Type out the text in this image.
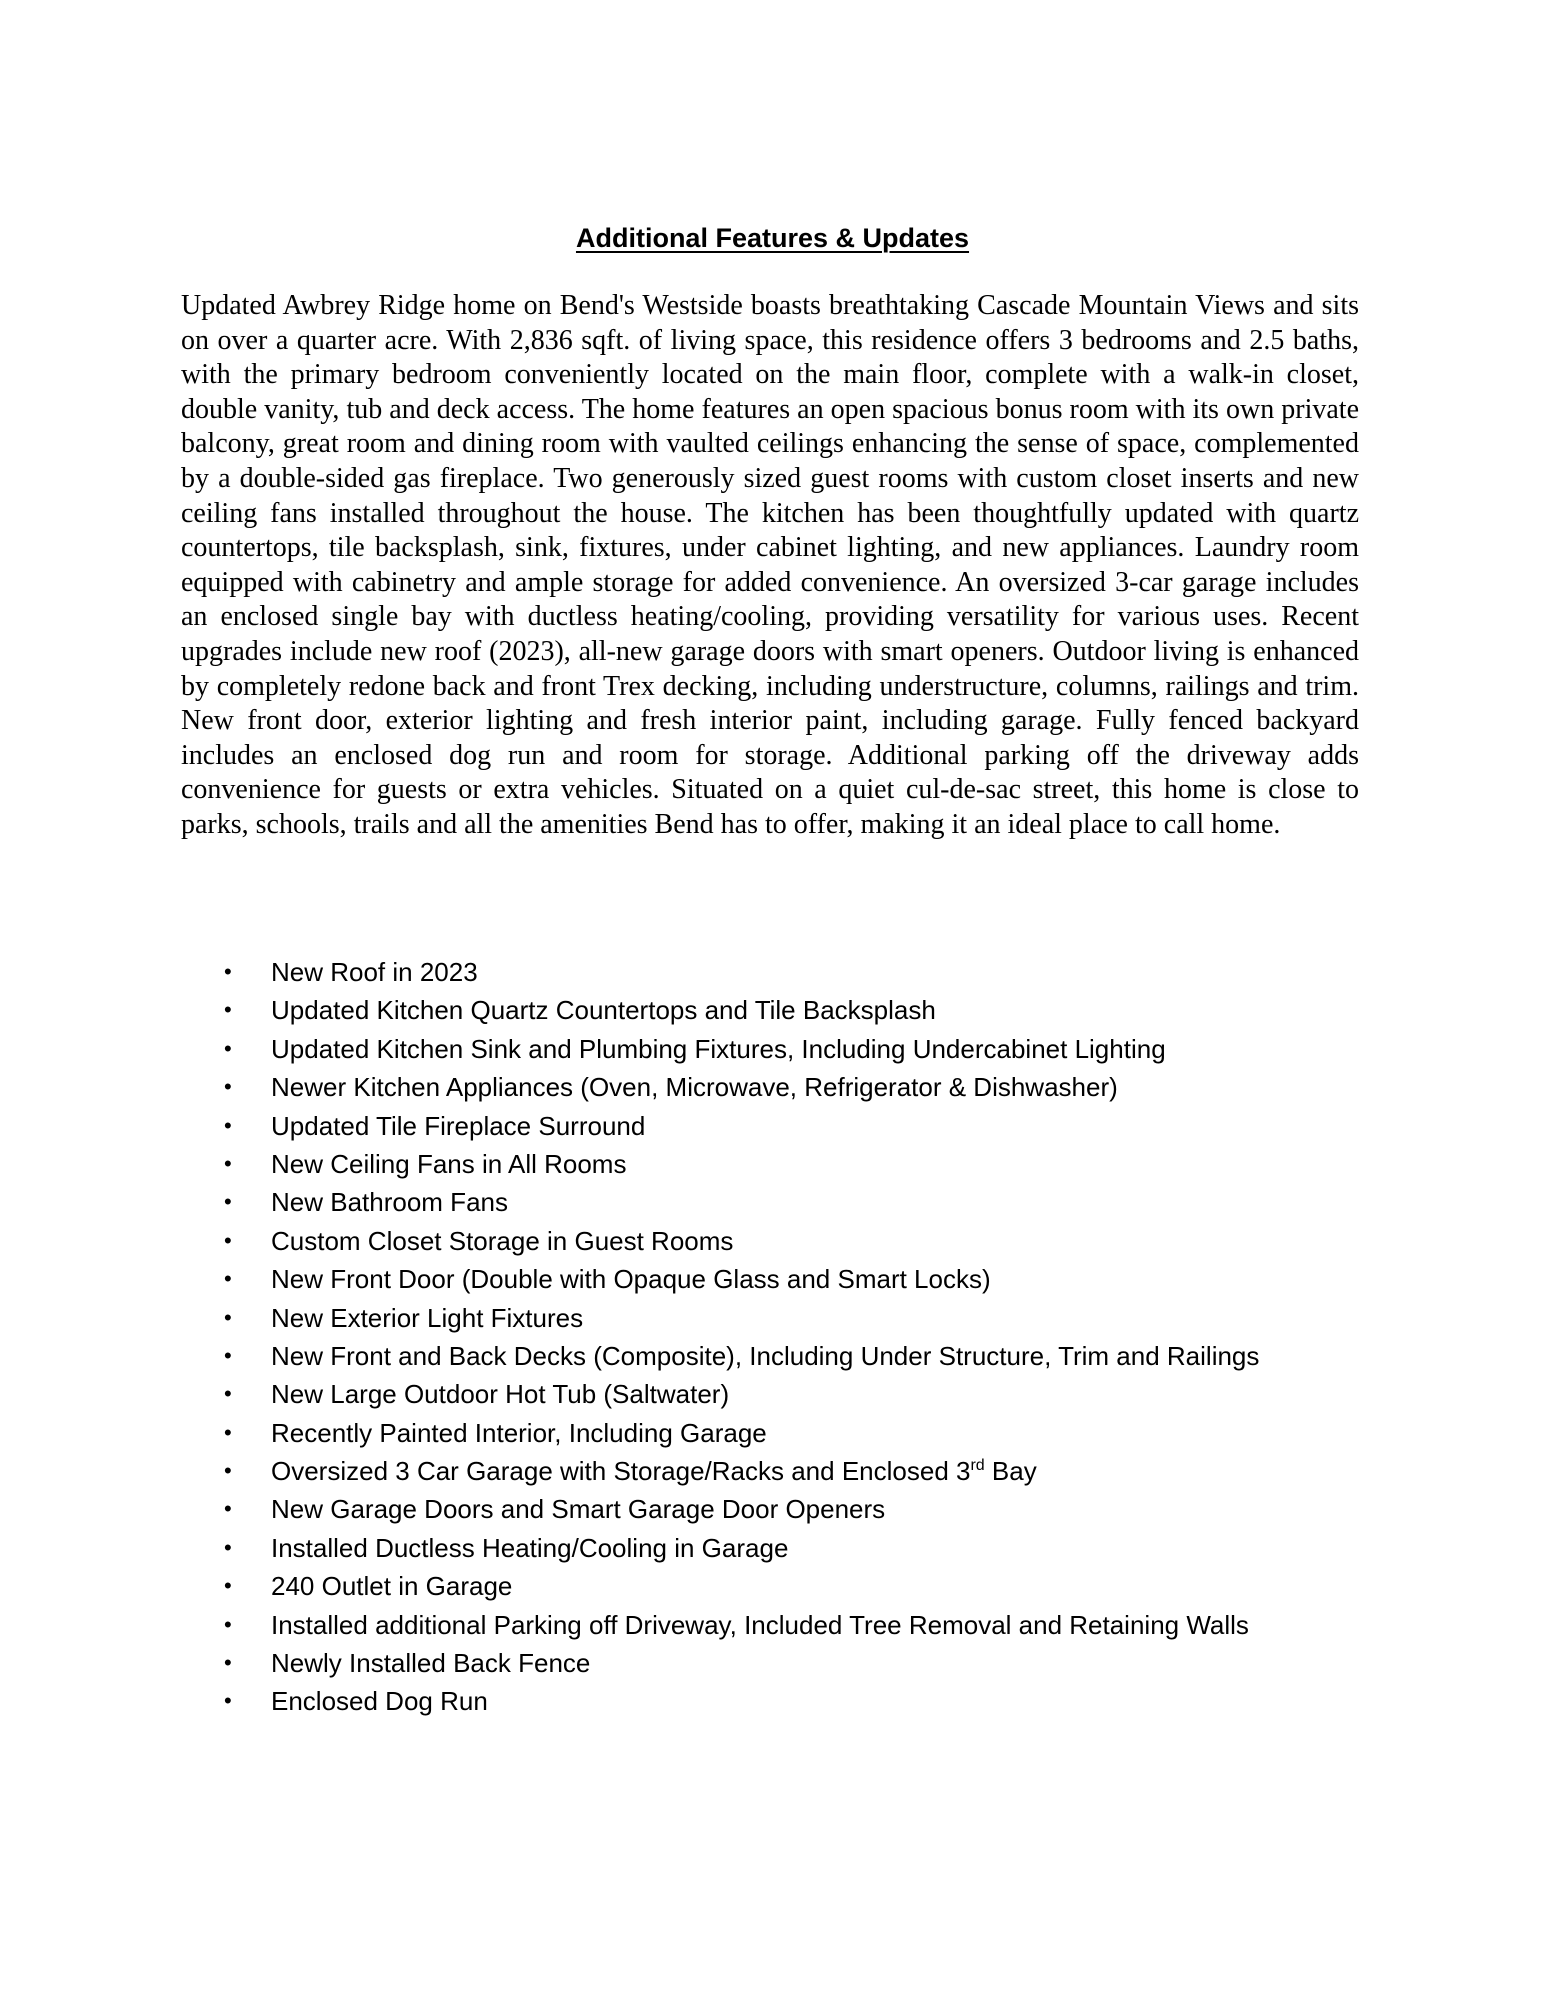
Additional Features & Updates

Updated Awbrey Ridge home on Bend's Westside boasts breathtaking Cascade Mountain Views and sits on over a quarter acre. With 2,836 sqft. of living space, this residence offers 3 bedrooms and 2.5 baths, with the primary bedroom conveniently located on the main floor, complete with a walk-in closet, double vanity, tub and deck access. The home features an open spacious bonus room with its own private balcony, great room and dining room with vaulted ceilings enhancing the sense of space, complemented by a double-sided gas fireplace. Two generously sized guest rooms with custom closet inserts and new ceiling fans installed throughout the house. The kitchen has been thoughtfully updated with quartz countertops, tile backsplash, sink, fixtures, under cabinet lighting, and new appliances. Laundry room equipped with cabinetry and ample storage for added convenience. An oversized 3-car garage includes an enclosed single bay with ductless heating/cooling, providing versatility for various uses. Recent upgrades include new roof (2023), all-new garage doors with smart openers. Outdoor living is enhanced by completely redone back and front Trex decking, including understructure, columns, railings and trim. New front door, exterior lighting and fresh interior paint, including garage. Fully fenced backyard includes an enclosed dog run and room for storage. Additional parking off the driveway adds convenience for guests or extra vehicles. Situated on a quiet cul-de-sac street, this home is close to parks, schools, trails and all the amenities Bend has to offer, making it an ideal place to call home.

• New Roof in 2023
• Updated Kitchen Quartz Countertops and Tile Backsplash
• Updated Kitchen Sink and Plumbing Fixtures, Including Undercabinet Lighting
• Newer Kitchen Appliances (Oven, Microwave, Refrigerator & Dishwasher)
• Updated Tile Fireplace Surround
• New Ceiling Fans in All Rooms
• New Bathroom Fans
• Custom Closet Storage in Guest Rooms
• New Front Door (Double with Opaque Glass and Smart Locks)
• New Exterior Light Fixtures
• New Front and Back Decks (Composite), Including Under Structure, Trim and Railings
• New Large Outdoor Hot Tub (Saltwater)
• Recently Painted Interior, Including Garage
• Oversized 3 Car Garage with Storage/Racks and Enclosed 3rd Bay
• New Garage Doors and Smart Garage Door Openers
• Installed Ductless Heating/Cooling in Garage
• 240 Outlet in Garage
• Installed additional Parking off Driveway, Included Tree Removal and Retaining Walls
• Newly Installed Back Fence
• Enclosed Dog Run
